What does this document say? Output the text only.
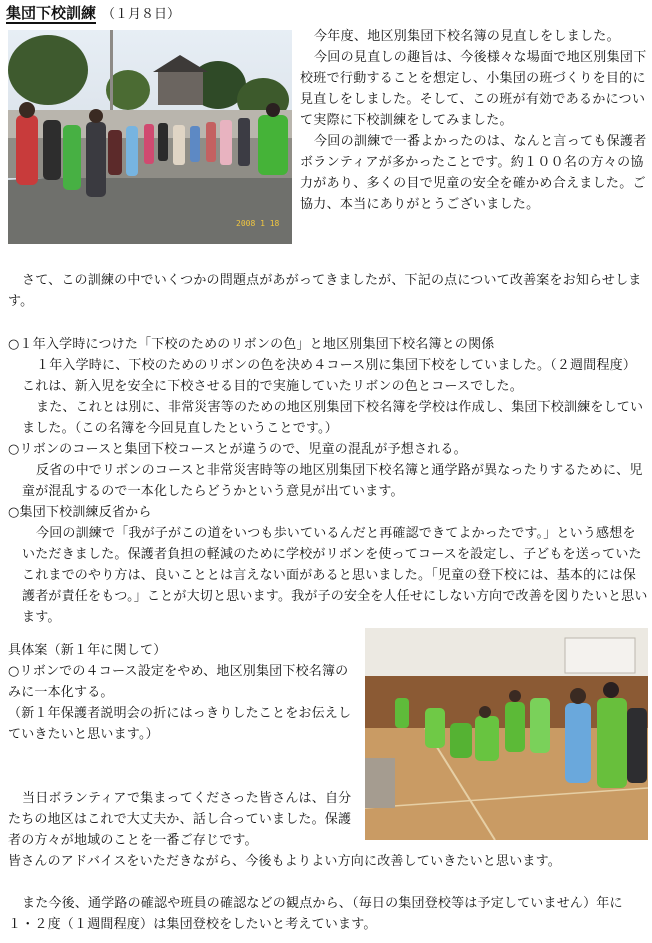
集団下校訓練 （１月８日）
2008 1 18

今年度、地区別集団下校名簿の見直しをしました。

今回の見直しの趣旨は、今後様々な場面で地区別集団下校班で行動することを想定し、小集団の班づくりを目的に見直しをしました。そして、この班が有効であるかについて実際に下校訓練をしてみました。

今回の訓練で一番よかったのは、なんと言っても保護者ボランティアが多かったことです。約１００名の方々の協力があり、多くの目で児童の安全を確かめ合えました。ご協力、本当にありがとうございました。

さて、この訓練の中でいくつかの問題点があがってきましたが、下記の点について改善案をお知らせします。

○１年入学時につけた「下校のためのリボンの色」と地区別集団下校名簿との関係

１年入学時に、下校のためのリボンの色を決め４コース別に集団下校をしていました。（２週間程度）これは、新入児を安全に下校させる目的で実施していたリボンの色とコースでした。

また、これとは別に、非常災害等のための地区別集団下校名簿を学校は作成し、集団下校訓練をしていました。（この名簿を今回見直したということです。）

○リボンのコースと集団下校コースとが違うので、児童の混乱が予想される。

反省の中でリボンのコースと非常災害時等の地区別集団下校名簿と通学路が異なったりするために、児童が混乱するので一本化したらどうかという意見が出ています。

○集団下校訓練反省から

今回の訓練で「我が子がこの道をいつも歩いているんだと再確認できてよかったです。」という感想をいただきました。保護者負担の軽減のために学校がリボンを使ってコースを設定し、子どもを送っていたこれまでのやり方は、良いこととは言えない面があると思いました。「児童の登下校には、基本的には保護者が責任をもつ。」ことが大切と思います。我が子の安全を人任せにしない方向で改善を図りたいと思います。

具体案（新１年に関して）

○リボンでの４コース設定をやめ、地区別集団下校名簿のみに一本化する。

（新１年保護者説明会の折にはっきりしたことをお伝えしていきたいと思います。）

当日ボランティアで集まってくださった皆さんは、自分たちの地区はこれで大丈夫か、話し合っていました。保護者の方々が地域のことを一番ご存じです。

皆さんのアドバイスをいただきながら、今後もよりよい方向に改善していきたいと思います。

また今後、通学路の確認や班員の確認などの観点から、（毎日の集団登校等は予定していません）年に１・２度（１週間程度）は集団登校をしたいと考えています。
